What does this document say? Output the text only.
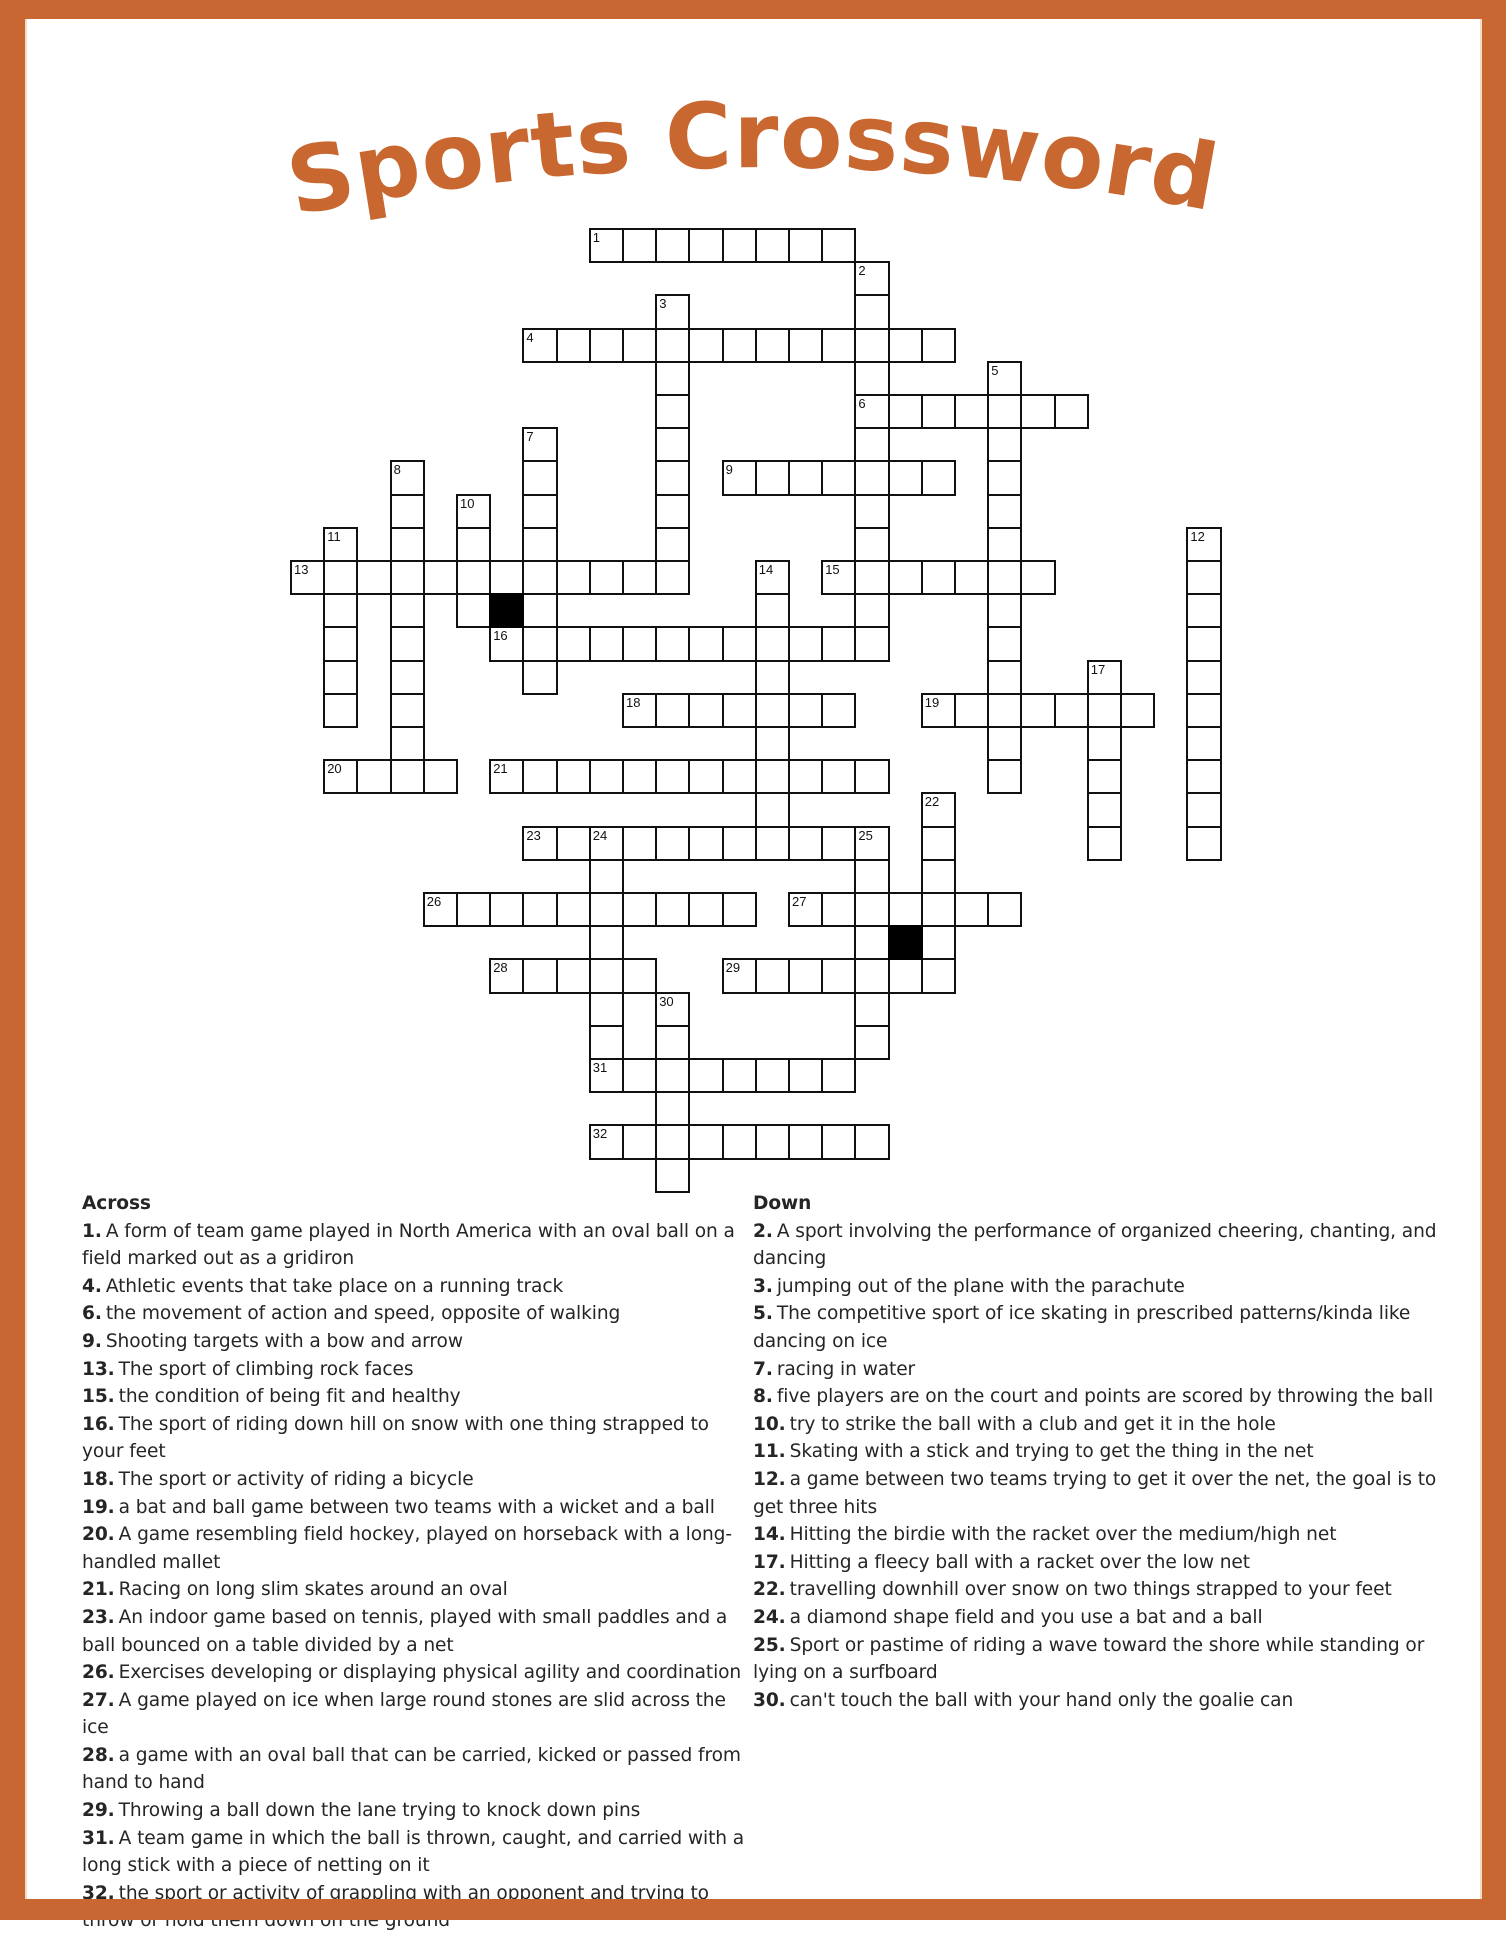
Sports Crossword
1
2
6
3
4
5
7
8	9
10
11	12
13	14	15
16
17
18	19
20	21
22
23	24	25
31
26	27
28	29
30
32
Across
1. A form of team game played in North America with an oval ball on a field marked out as a gridiron
4. Athletic events that take place on a running track
6. the movement of action and speed, opposite of walking
9. Shooting targets with a bow and arrow
13. The sport of climbing rock faces
15. the condition of being fit and healthy
16. The sport of riding down hill on snow with one thing strapped to your feet
18. The sport or activity of riding a bicycle
19. a bat and ball game between two teams with a wicket and a ball
20. A game resembling field hockey, played on horseback with a long-handled mallet
21. Racing on long slim skates around an oval
23. An indoor game based on tennis, played with small paddles and a ball bounced on a table divided by a net
26. Exercises developing or displaying physical agility and coordination
27. A game played on ice when large round stones are slid across the ice
28. a game with an oval ball that can be carried, kicked or passed from hand to hand
29. Throwing a ball down the lane trying to knock down pins
31. A team game in which the ball is thrown, caught, and carried with a long stick with a piece of netting on it
32. the sport or activity of grappling with an opponent and trying to throw or hold them down on the ground
Down
2. A sport involving the performance of organized cheering, chanting, and dancing
3. jumping out of the plane with the parachute
5. The competitive sport of ice skating in prescribed patterns/kinda like dancing on ice
7. racing in water
8. five players are on the court and points are scored by throwing the ball
10. try to strike the ball with a club and get it in the hole
11. Skating with a stick and trying to get the thing in the net
12. a game between two teams trying to get it over the net, the goal is to get three hits
14. Hitting the birdie with the racket over the medium/high net
17. Hitting a fleecy ball with a racket over the low net
22. travelling downhill over snow on two things strapped to your feet
24. a diamond shape field and you use a bat and a ball
25. Sport or pastime of riding a wave toward the shore while standing or lying on a surfboard
30. can't touch the ball with your hand only the goalie can
